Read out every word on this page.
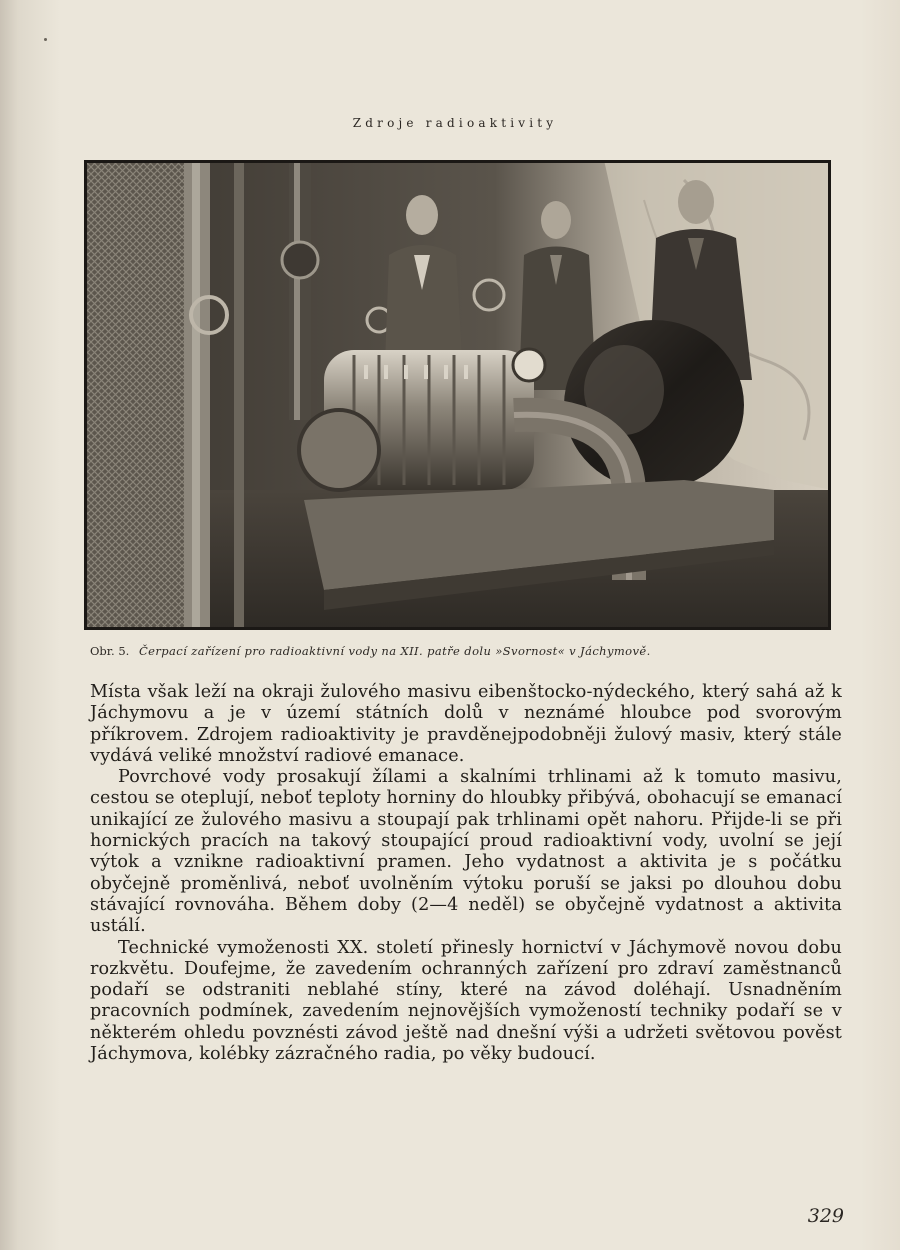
Zdroje radioaktivity
Obr. 5. Čerpací zařízení pro radioaktivní vody na XII. patře dolu »Svornost« v Jáchymově.

Místa však leží na okraji žulového masivu eibenštocko-nýdeckého, který sahá až k Jáchymovu a je v území státních dolů v neznámé hloubce pod svorovým příkrovem. Zdrojem radioaktivity je pravděnejpodobněji žulový masiv, který stále vydává veliké množství radiové emanace.

Povrchové vody prosakují žílami a skalními trhlinami až k tomuto masivu, cestou se oteplují, neboť teploty horniny do hloubky přibývá, obohacují se emanací unikající ze žulového masivu a stoupají pak trhlinami opět nahoru. Přijde-li se při hornických pracích na takový stoupající proud radioaktivní vody, uvolní se její výtok a vznikne radioaktivní pramen. Jeho vydatnost a aktivita je s počátku obyčejně proměnlivá, neboť uvolněním výtoku poruší se jaksi po dlouhou dobu stávající rovnováha. Během doby (2—4 neděl) se obyčejně vydatnost a aktivita ustálí.

Technické vymoženosti XX. století přinesly hornictví v Jáchymově novou dobu rozkvětu. Doufejme, že zavedením ochranných zařízení pro zdraví zaměstnanců podaří se odstraniti neblahé stíny, které na závod doléhají. Usnadněním pracovních podmínek, zavedením nejnovějších vymožeností techniky podaří se v některém ohledu povznésti závod ještě nad dnešní výši a udržeti světovou pověst Jáchymova, kolébky zázračného radia, po věky budoucí.

329
